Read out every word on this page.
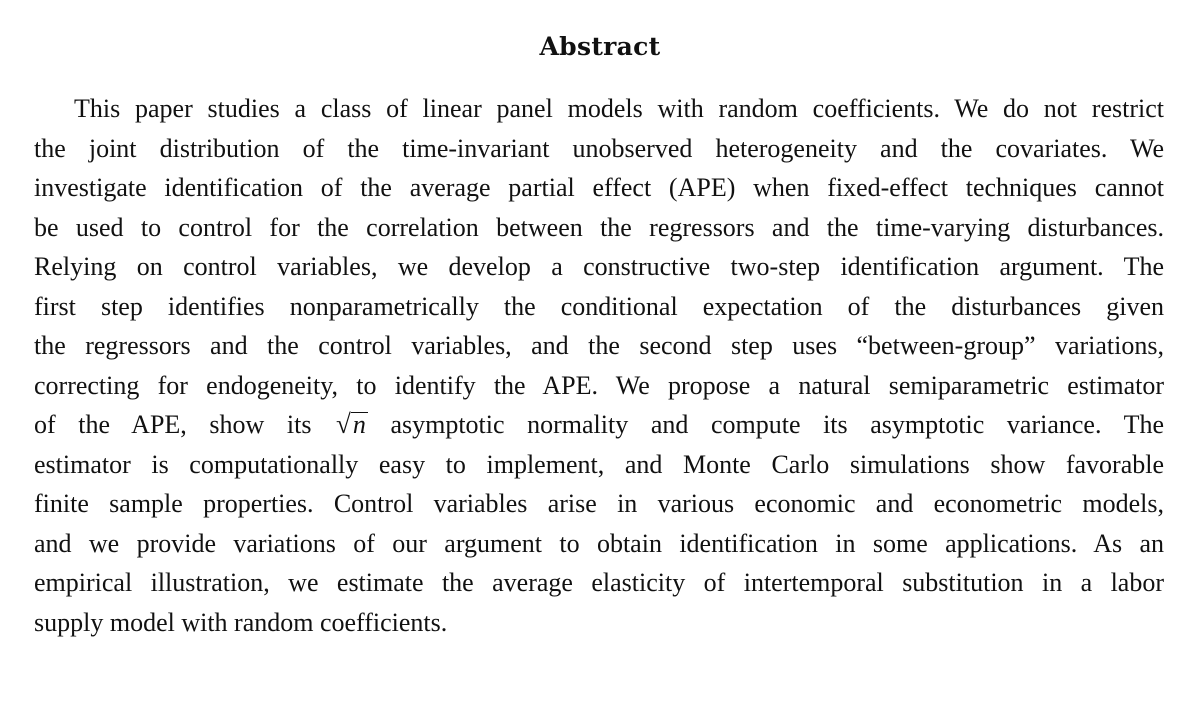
Abstract
This paper studies a class of linear panel models with random coefficients. We do not restrict
the joint distribution of the time-invariant unobserved heterogeneity and the covariates. We
investigate identification of the average partial effect (APE) when fixed-effect techniques cannot
be used to control for the correlation between the regressors and the time-varying disturbances.
Relying on control variables, we develop a constructive two-step identification argument. The
first step identifies nonparametrically the conditional expectation of the disturbances given
the regressors and the control variables, and the second step uses “between-group” variations,
correcting for endogeneity, to identify the APE. We propose a natural semiparametric estimator
of the APE, show its √n asymptotic normality and compute its asymptotic variance. The
estimator is computationally easy to implement, and Monte Carlo simulations show favorable
finite sample properties. Control variables arise in various economic and econometric models,
and we provide variations of our argument to obtain identification in some applications. As an
empirical illustration, we estimate the average elasticity of intertemporal substitution in a labor
supply model with random coefficients.
